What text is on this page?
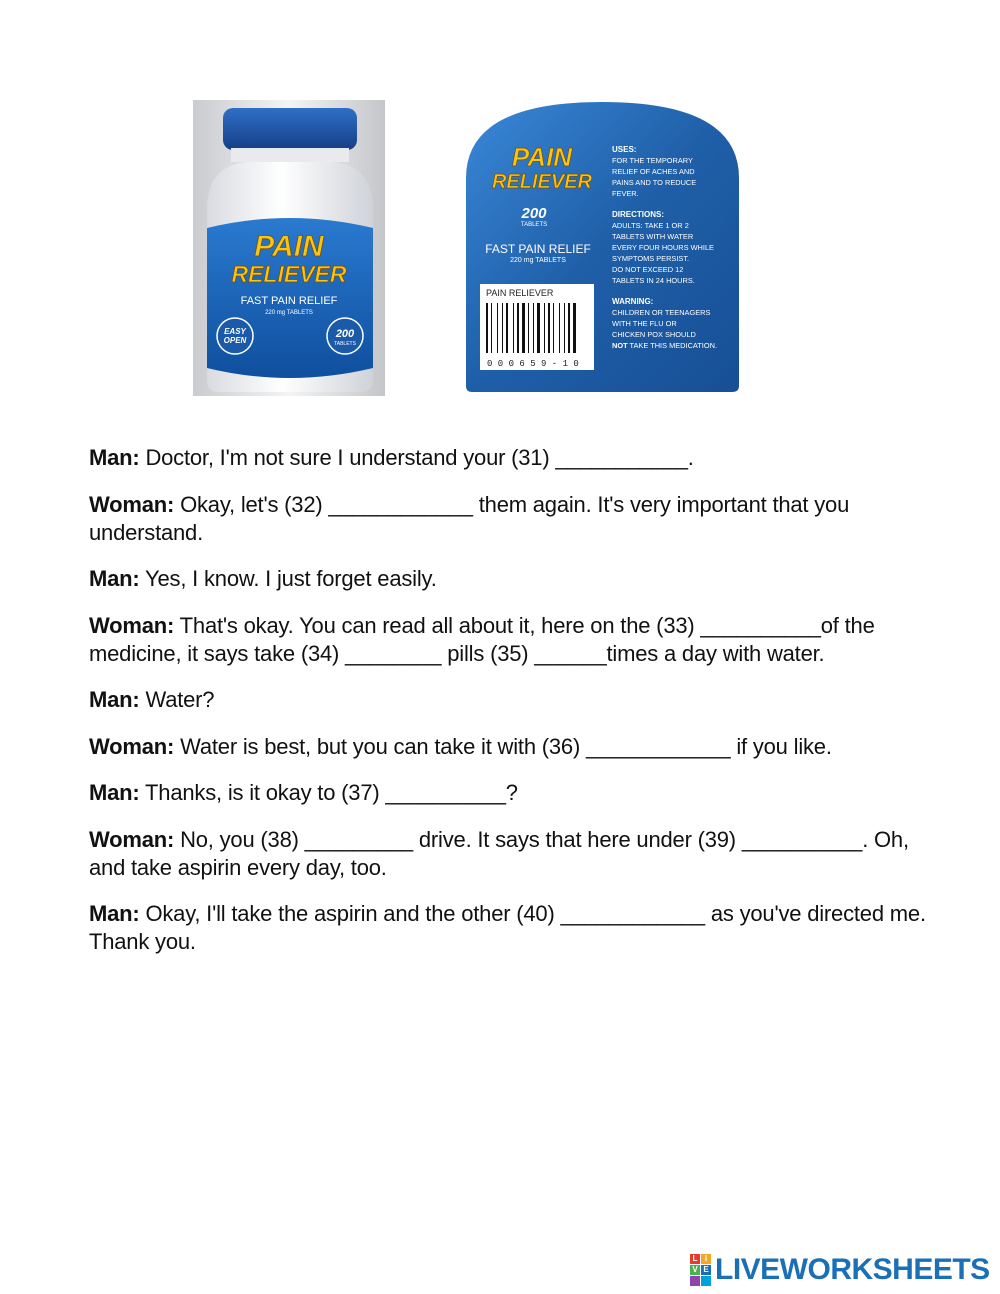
PAIN
RELIEVER
FAST PAIN RELIEF
220 mg TABLETS
EASY
OPEN
200
TABLETS
PAIN
RELIEVER
200
TABLETS
FAST PAIN RELIEF
220 mg TABLETS
PAIN RELIEVER
0 0 0 6 5 9 - 1 0
USES:
FOR THE TEMPORARY
RELIEF OF ACHES AND
PAINS AND TO REDUCE
FEVER.
DIRECTIONS:
ADULTS: TAKE 1 OR 2
TABLETS WITH WATER
EVERY FOUR HOURS WHILE
SYMPTOMS PERSIST.
DO NOT EXCEED 12
TABLETS IN 24 HOURS.
WARNING:
CHILDREN OR TEENAGERS
WITH THE FLU OR
CHICKEN POX SHOULD
NOT TAKE THIS MEDICATION.

Man: Doctor, I'm not sure I understand your (31) ___________.

Woman: Okay, let's (32) ____________ them again. It's very important that you understand.

Man: Yes, I know. I just forget easily.

Woman: That's okay. You can read all about it, here on the (33) __________of the medicine, it says take (34) ________ pills (35) ______times a day with water.

Man: Water?

Woman: Water is best, but you can take it with (36) ____________ if you like.

Man: Thanks, is it okay to (37) __________?

Woman: No, you (38) _________ drive. It says that here under (39) __________. Oh, and take aspirin every day, too.

Man: Okay, I'll take the aspirin and the other (40) ____________ as you've directed me. Thank you.

L I
V E LIVEWORKSHEETS
